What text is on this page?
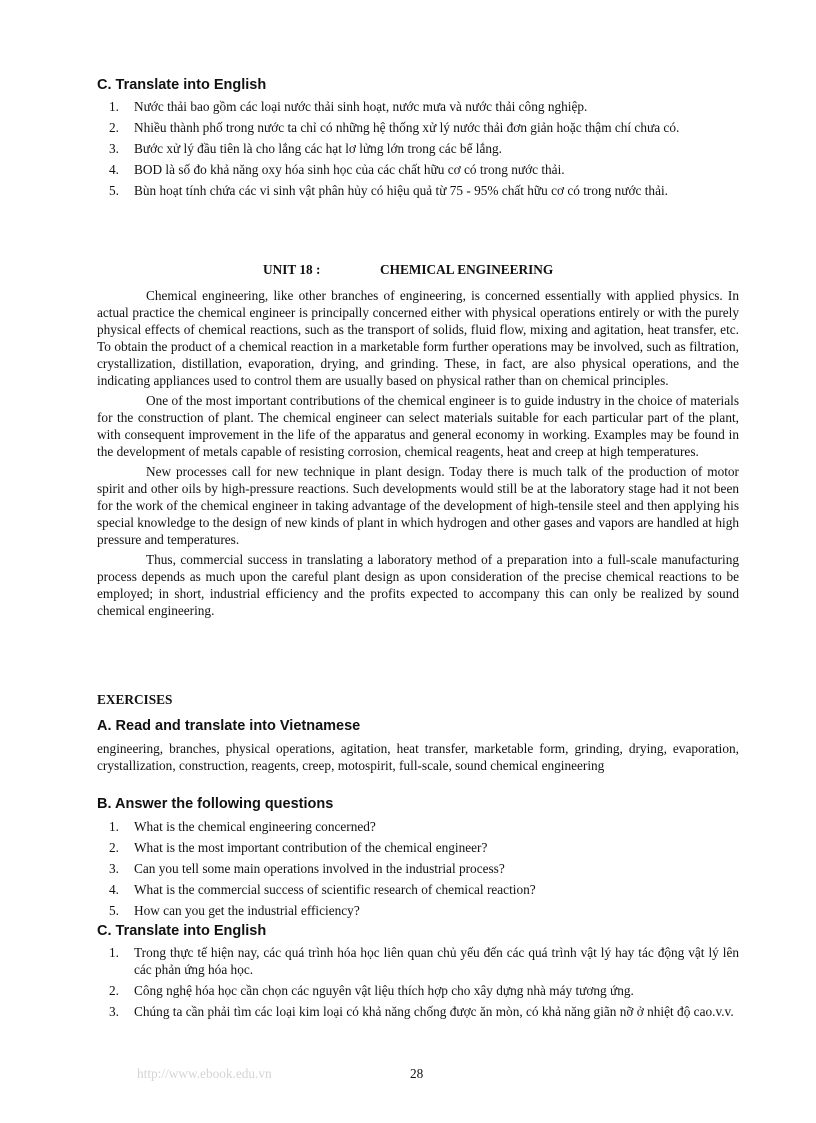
C. Translate into English
1. Nước thải bao gồm các loại nước thải sinh hoạt, nước mưa và nước thải công nghiệp.
2. Nhiều thành phố trong nước ta chỉ có những hệ thống xử lý nước thải đơn giản hoặc thậm chí chưa có.
3. Bước xử lý đầu tiên là cho lắng các hạt lơ lửng lớn trong các bể lắng.
4. BOD là số đo khả năng oxy hóa sinh học của các chất hữu cơ có trong nước thải.
5. Bùn hoạt tính chứa các vi sinh vật phân hủy có hiệu quả từ 75 - 95% chất hữu cơ có trong nước thải.
UNIT 18 :	CHEMICAL ENGINEERING

Chemical engineering, like other branches of engineering, is concerned essentially with applied physics. In actual practice the chemical engineer is principally concerned either with physical operations entirely or with the purely physical effects of chemical reactions, such as the transport of solids, fluid flow, mixing and agitation, heat transfer, etc. To obtain the product of a chemical reaction in a marketable form further operations may be involved, such as filtration, crystallization, distillation, evaporation, drying, and grinding. These, in fact, are also physical operations, and the indicating appliances used to control them are usually based on physical rather than on chemical principles.

One of the most important contributions of the chemical engineer is to guide industry in the choice of materials for the construction of plant. The chemical engineer can select materials suitable for each particular part of the plant, with consequent improvement in the life of the apparatus and general economy in working. Examples may be found in the development of metals capable of resisting corrosion, chemical reagents, heat and creep at high temperatures.

New processes call for new technique in plant design. Today there is much talk of the production of motor spirit and other oils by high-pressure reactions. Such developments would still be at the laboratory stage had it not been for the work of the chemical engineer in taking advantage of the development of high-tensile steel and then applying his special knowledge to the design of new kinds of plant in which hydrogen and other gases and vapors are handled at high pressure and temperatures.

Thus, commercial success in translating a laboratory method of a preparation into a full-scale manufacturing process depends as much upon the careful plant design as upon consideration of the precise chemical reactions to be employed; in short, industrial efficiency and the profits expected to accompany this can only be realized by sound chemical engineering.

EXERCISES
A. Read and translate into Vietnamese
engineering, branches, physical operations, agitation, heat transfer, marketable form, grinding, drying, evaporation, crystallization, construction, reagents, creep, motospirit, full-scale, sound chemical engineering
B. Answer the following questions
1. What is the chemical engineering concerned?
2. What is the most important contribution of the chemical engineer?
3. Can you tell some main operations involved in the industrial process?
4. What is the commercial success of scientific research of chemical reaction?
5. How can you get the industrial efficiency?
C. Translate into English
1. Trong thực tế hiện nay, các quá trình hóa học liên quan chủ yếu đến các quá trình vật lý hay tác động vật lý lên các phản ứng hóa học.
2. Công nghệ hóa học cần chọn các nguyên vật liệu thích hợp cho xây dựng nhà máy tương ứng.
3. Chúng ta cần phải tìm các loại kim loại có khả năng chống được ăn mòn, có khả năng giãn nỡ ở nhiệt độ cao.v.v.
http://www.ebook.edu.vn	28
